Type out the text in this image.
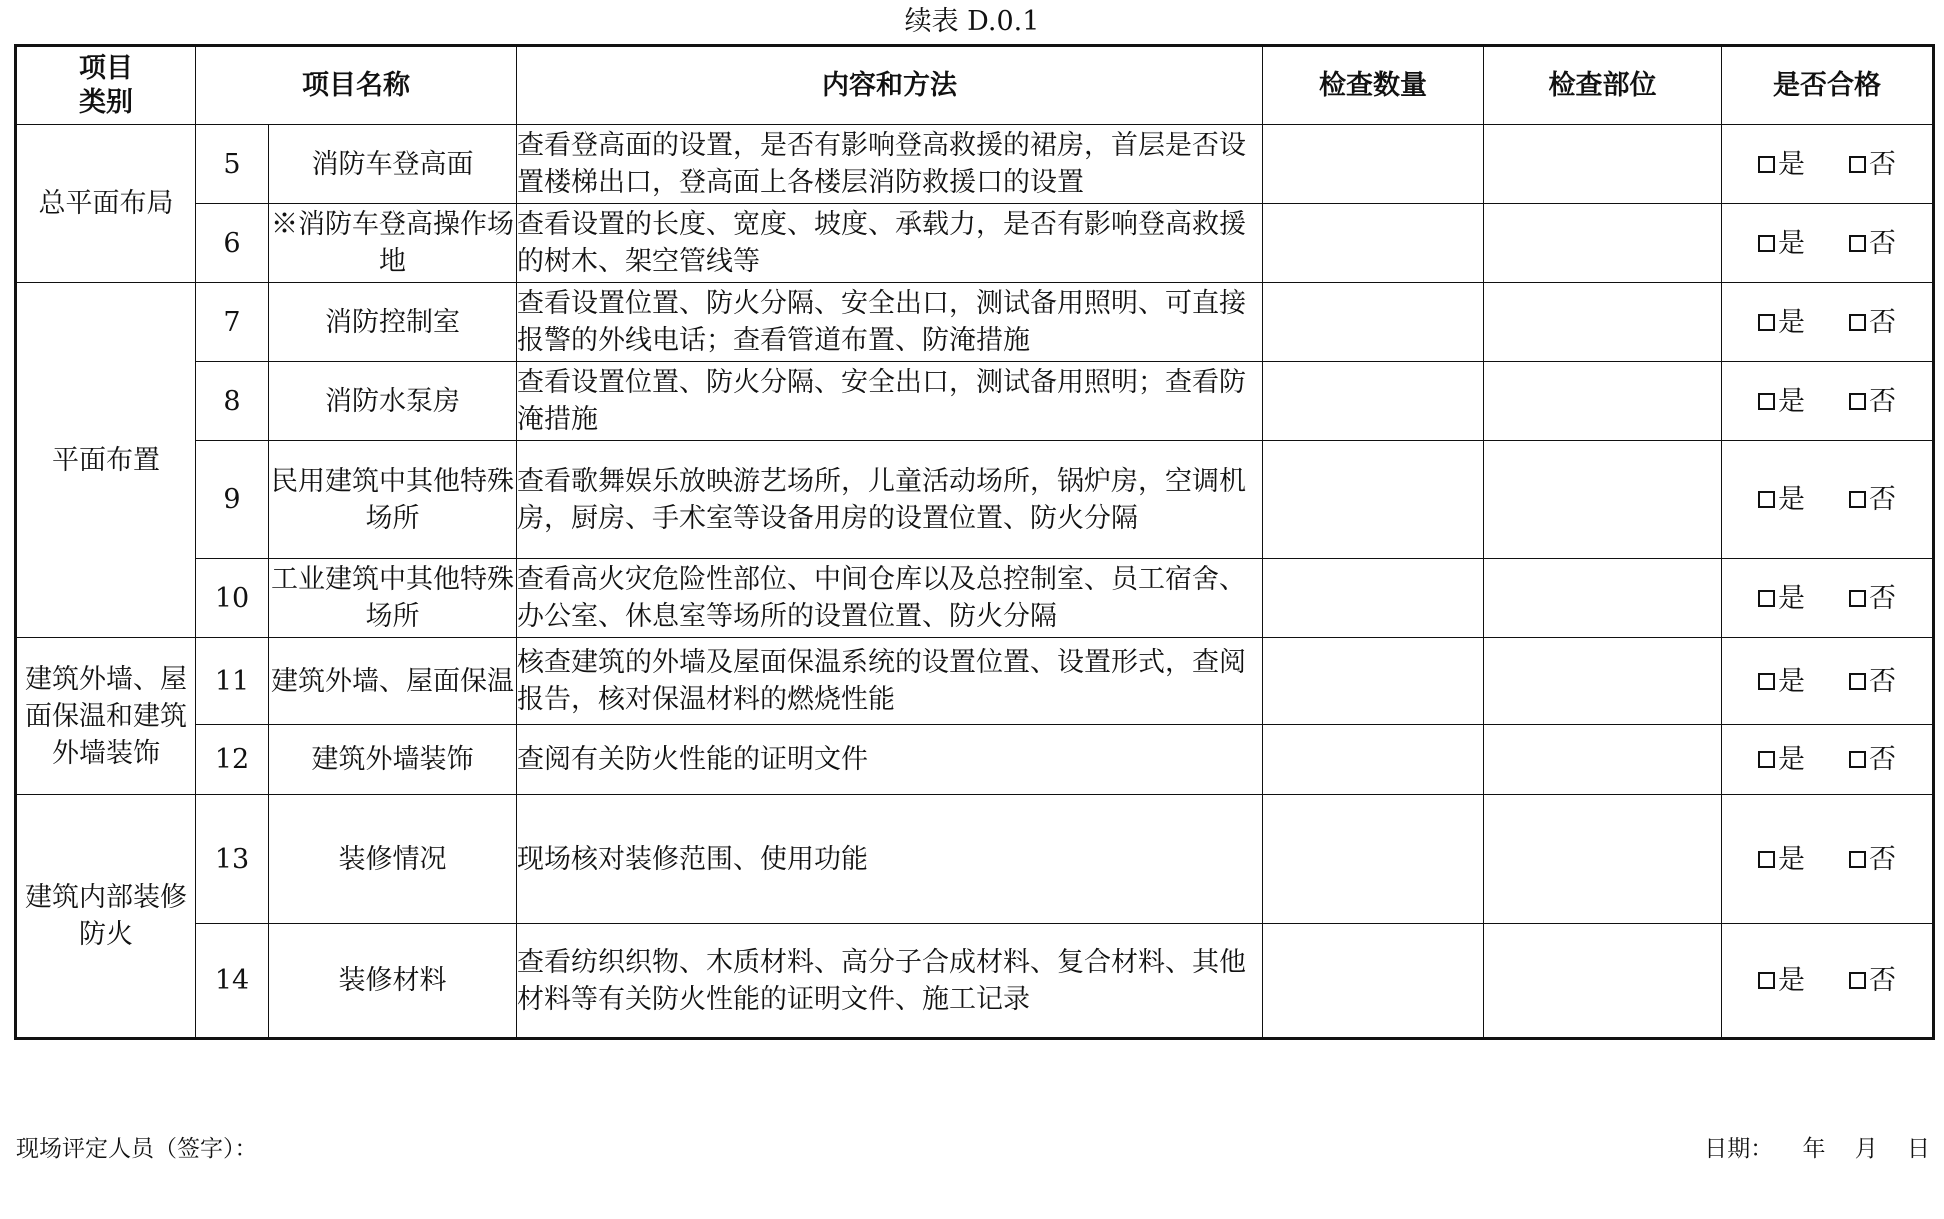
续表 D.0.1
项目
类别	项目名称		内容和方法	检查数量	检查部位	是否合格
总平面布局	5	消防车登高面	查看登高面的设置，是否有影响登高救援的裙房，首层是否设置楼梯出口，登高面上各楼层消防救援口的设置			是 否

	6	※消防车登高操作场地	查看设置的长度、宽度、坡度、承载力，是否有影响登高救援的树木、架空管线等			是 否

平面布置	7	消防控制室	查看设置位置、防火分隔、安全出口，测试备用照明、可直接报警的外线电话；查看管道布置、防淹措施			是 否

	8	消防水泵房	查看设置位置、防火分隔、安全出口，测试备用照明；查看防淹措施			是 否

	9	民用建筑中其他特殊场所	查看歌舞娱乐放映游艺场所，儿童活动场所，锅炉房，空调机房，厨房、手术室等设备用房的设置位置、防火分隔			是 否

	10	工业建筑中其他特殊场所	查看高火灾危险性部位、中间仓库以及总控制室、员工宿舍、办公室、休息室等场所的设置位置、防火分隔			是 否

建筑外墙、屋面保温和建筑外墙装饰	11	建筑外墙、屋面保温	核查建筑的外墙及屋面保温系统的设置位置、设置形式，查阅报告，核对保温材料的燃烧性能			是 否

	12	建筑外墙装饰	查阅有关防火性能的证明文件			是 否

建筑内部装修防火	13	装修情况	现场核对装修范围、使用功能			是 否

	14	装修材料	查看纺织织物、木质材料、高分子合成材料、复合材料、其他材料等有关防火性能的证明文件、施工记录			是 否
现场评定人员（签字）：	日期：    年    月    日
